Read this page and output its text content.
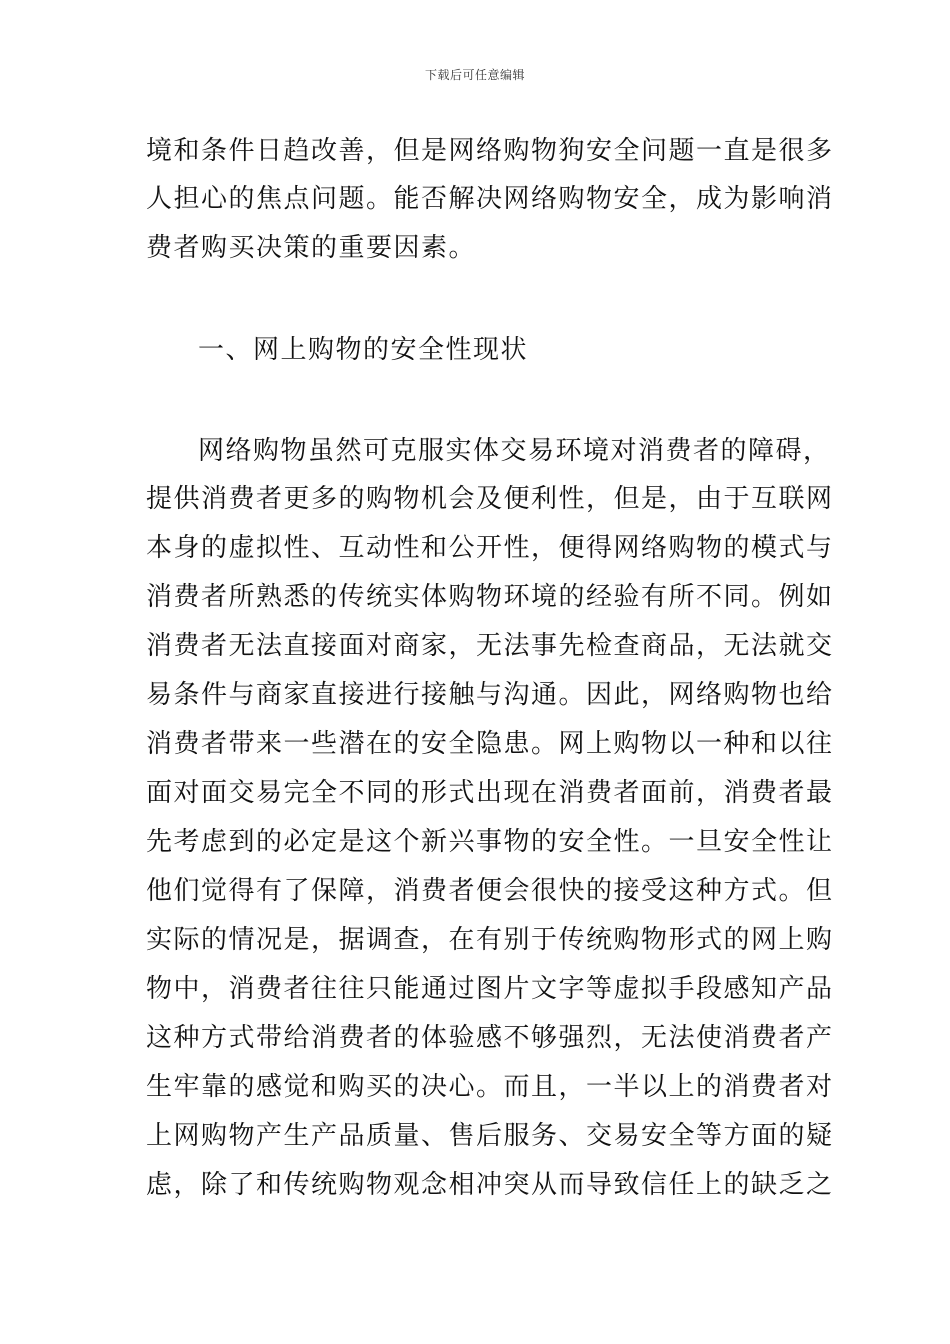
下载后可任意编辑
境和条件日趋改善，但是网络购物狗安全问题一直是很多
人担心的焦点问题。能否解决网络购物安全，成为影响消
费者购买决策的重要因素。
一、网上购物的安全性现状
网络购物虽然可克服实体交易环境对消费者的障碍，
提供消费者更多的购物机会及便利性，但是，由于互联网
本身的虚拟性、互动性和公开性，便得网络购物的模式与
消费者所熟悉的传统实体购物环境的经验有所不同。例如
消费者无法直接面对商家，无法事先检查商品，无法就交
易条件与商家直接进行接触与沟通。因此，网络购物也给
消费者带来一些潜在的安全隐患。网上购物以一种和以往
面对面交易完全不同的形式出现在消费者面前，消费者最
先考虑到的必定是这个新兴事物的安全性。一旦安全性让
他们觉得有了保障，消费者便会很快的接受这种方式。但
实际的情况是，据调查，在有别于传统购物形式的网上购
物中，消费者往往只能通过图片文字等虚拟手段感知产品
这种方式带给消费者的体验感不够强烈，无法使消费者产
生牢靠的感觉和购买的决心。而且，一半以上的消费者对
上网购物产生产品质量、售后服务、交易安全等方面的疑
虑，除了和传统购物观念相冲突从而导致信任上的缺乏之
